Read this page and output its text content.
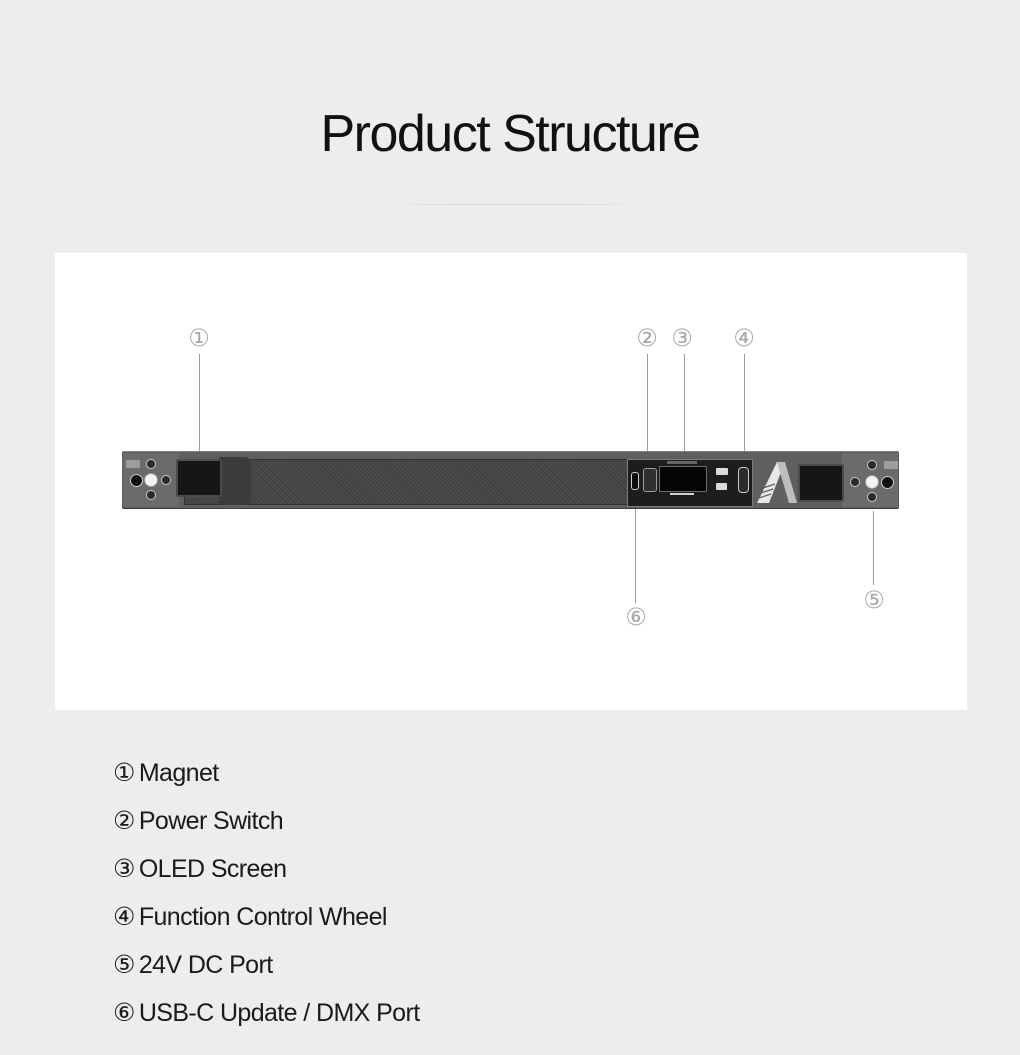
Product Structure
①	② ③ ④
⑤
⑥
① Magnet
② Power Switch
③ OLED Screen
④ Function Control Wheel
⑤ 24V DC Port
⑥ USB-C Update / DMX Port
